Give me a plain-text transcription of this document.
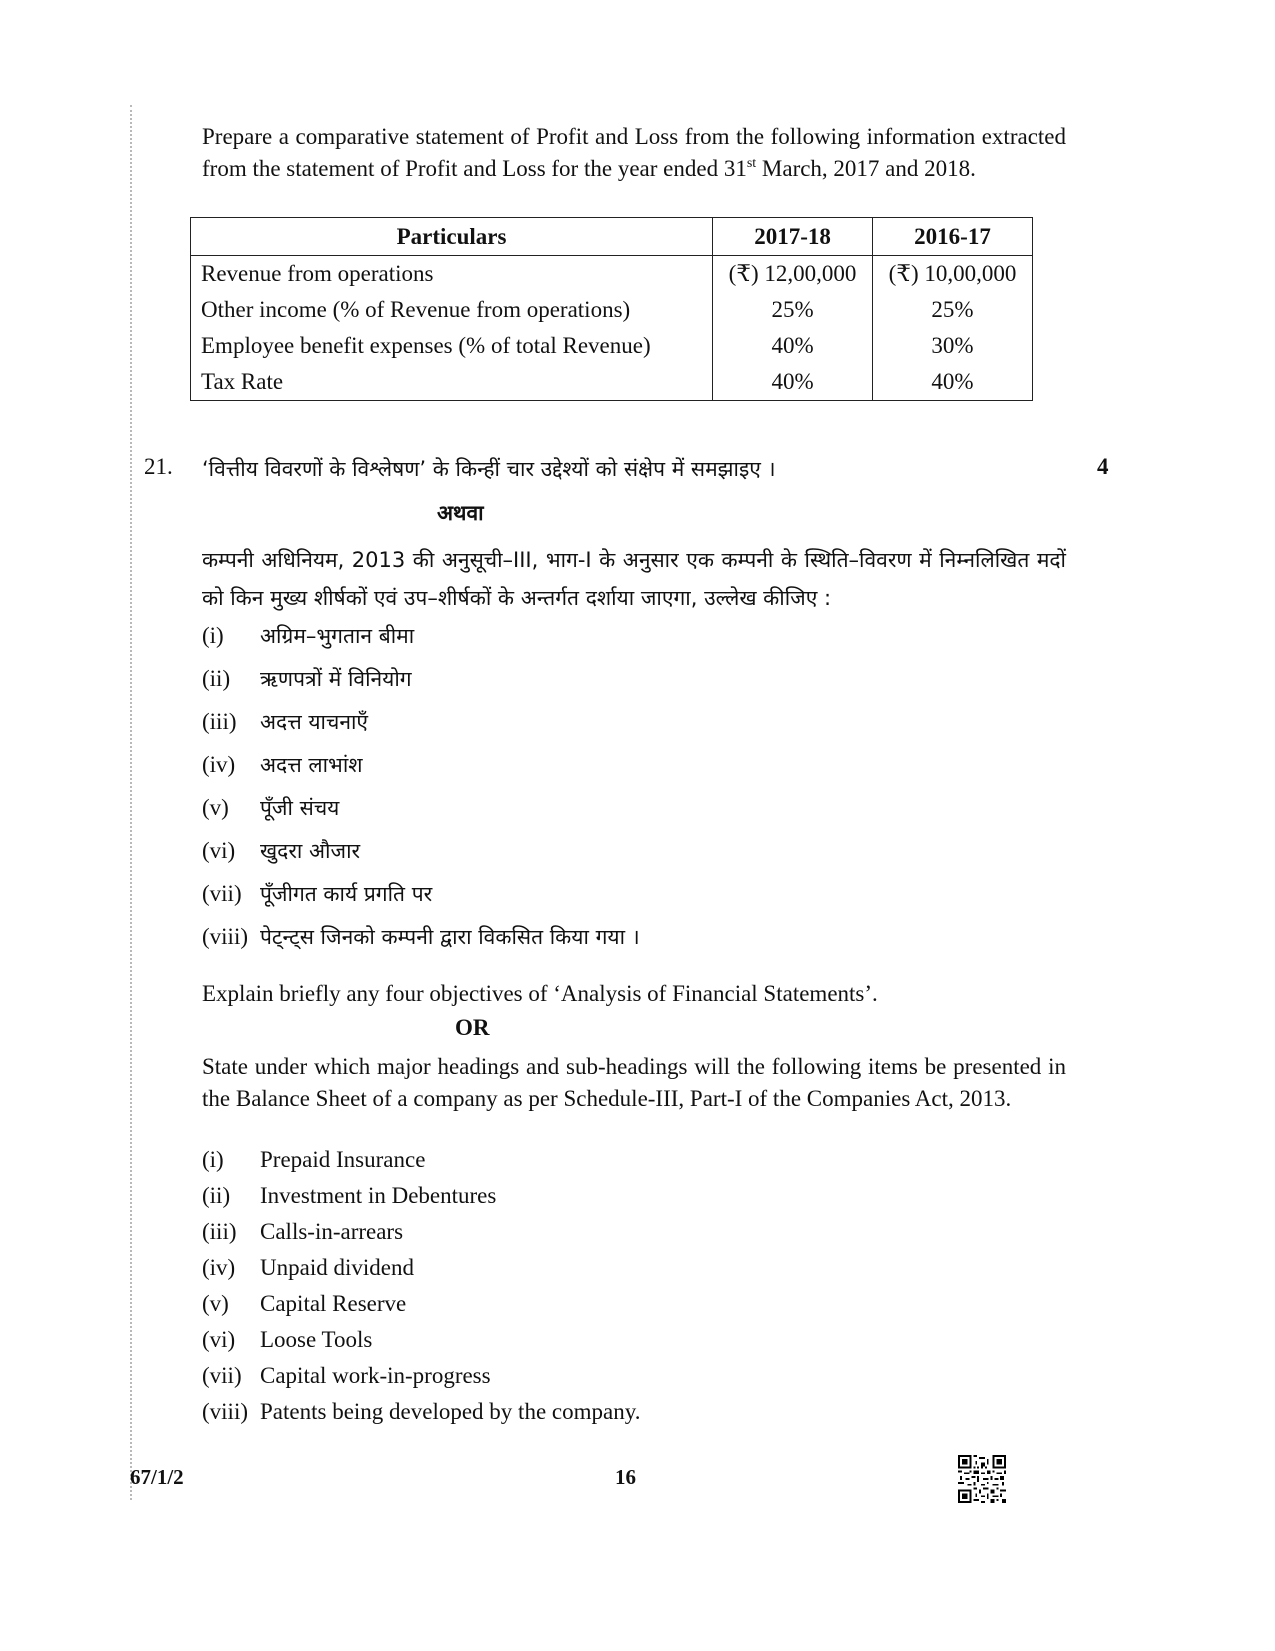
Prepare a comparative statement of Profit and Loss from the following information extracted from the statement of Profit and Loss for the year ended 31st March, 2017 and 2018.
Particulars	2017-18	2016-17
Revenue from operations	(₹) 12,00,000	(₹) 10,00,000
Other income (% of Revenue from operations)	25%	25%
Employee benefit expenses (% of total Revenue)	40%	30%
Tax Rate	40%	40%
21.	4
‘वित्तीय विवरणों के विश्लेषण’ के किन्हीं चार उद्देश्यों को संक्षेप में समझाइए ।
अथवा
कम्पनी अधिनियम, 2013 की अनुसूची–III, भाग-I के अनुसार एक कम्पनी के स्थिति–विवरण में निम्नलिखित मदों को किन मुख्य शीर्षकों एवं उप–शीर्षकों के अन्तर्गत दर्शाया जाएगा, उल्लेख कीजिए :
(i) अग्रिम–भुगतान बीमा
(ii) ऋणपत्रों में विनियोग
(iii) अदत्त याचनाएँ
(iv) अदत्त लाभांश
(v) पूँजी संचय
(vi) खुदरा औजार
(vii) पूँजीगत कार्य प्रगति पर
(viii) पेट्न्ट्स जिनको कम्पनी द्वारा विकसित किया गया ।
Explain briefly any four objectives of ‘Analysis of Financial Statements’.
OR
State under which major headings and sub-headings will the following items be presented in the Balance Sheet of a company as per Schedule-III, Part-I of the Companies Act, 2013.
(i) Prepaid Insurance
(ii) Investment in Debentures
(iii) Calls-in-arrears
(iv) Unpaid dividend
(v) Capital Reserve
(vi) Loose Tools
(vii) Capital work-in-progress
(viii) Patents being developed by the company.
67/1/2	16
